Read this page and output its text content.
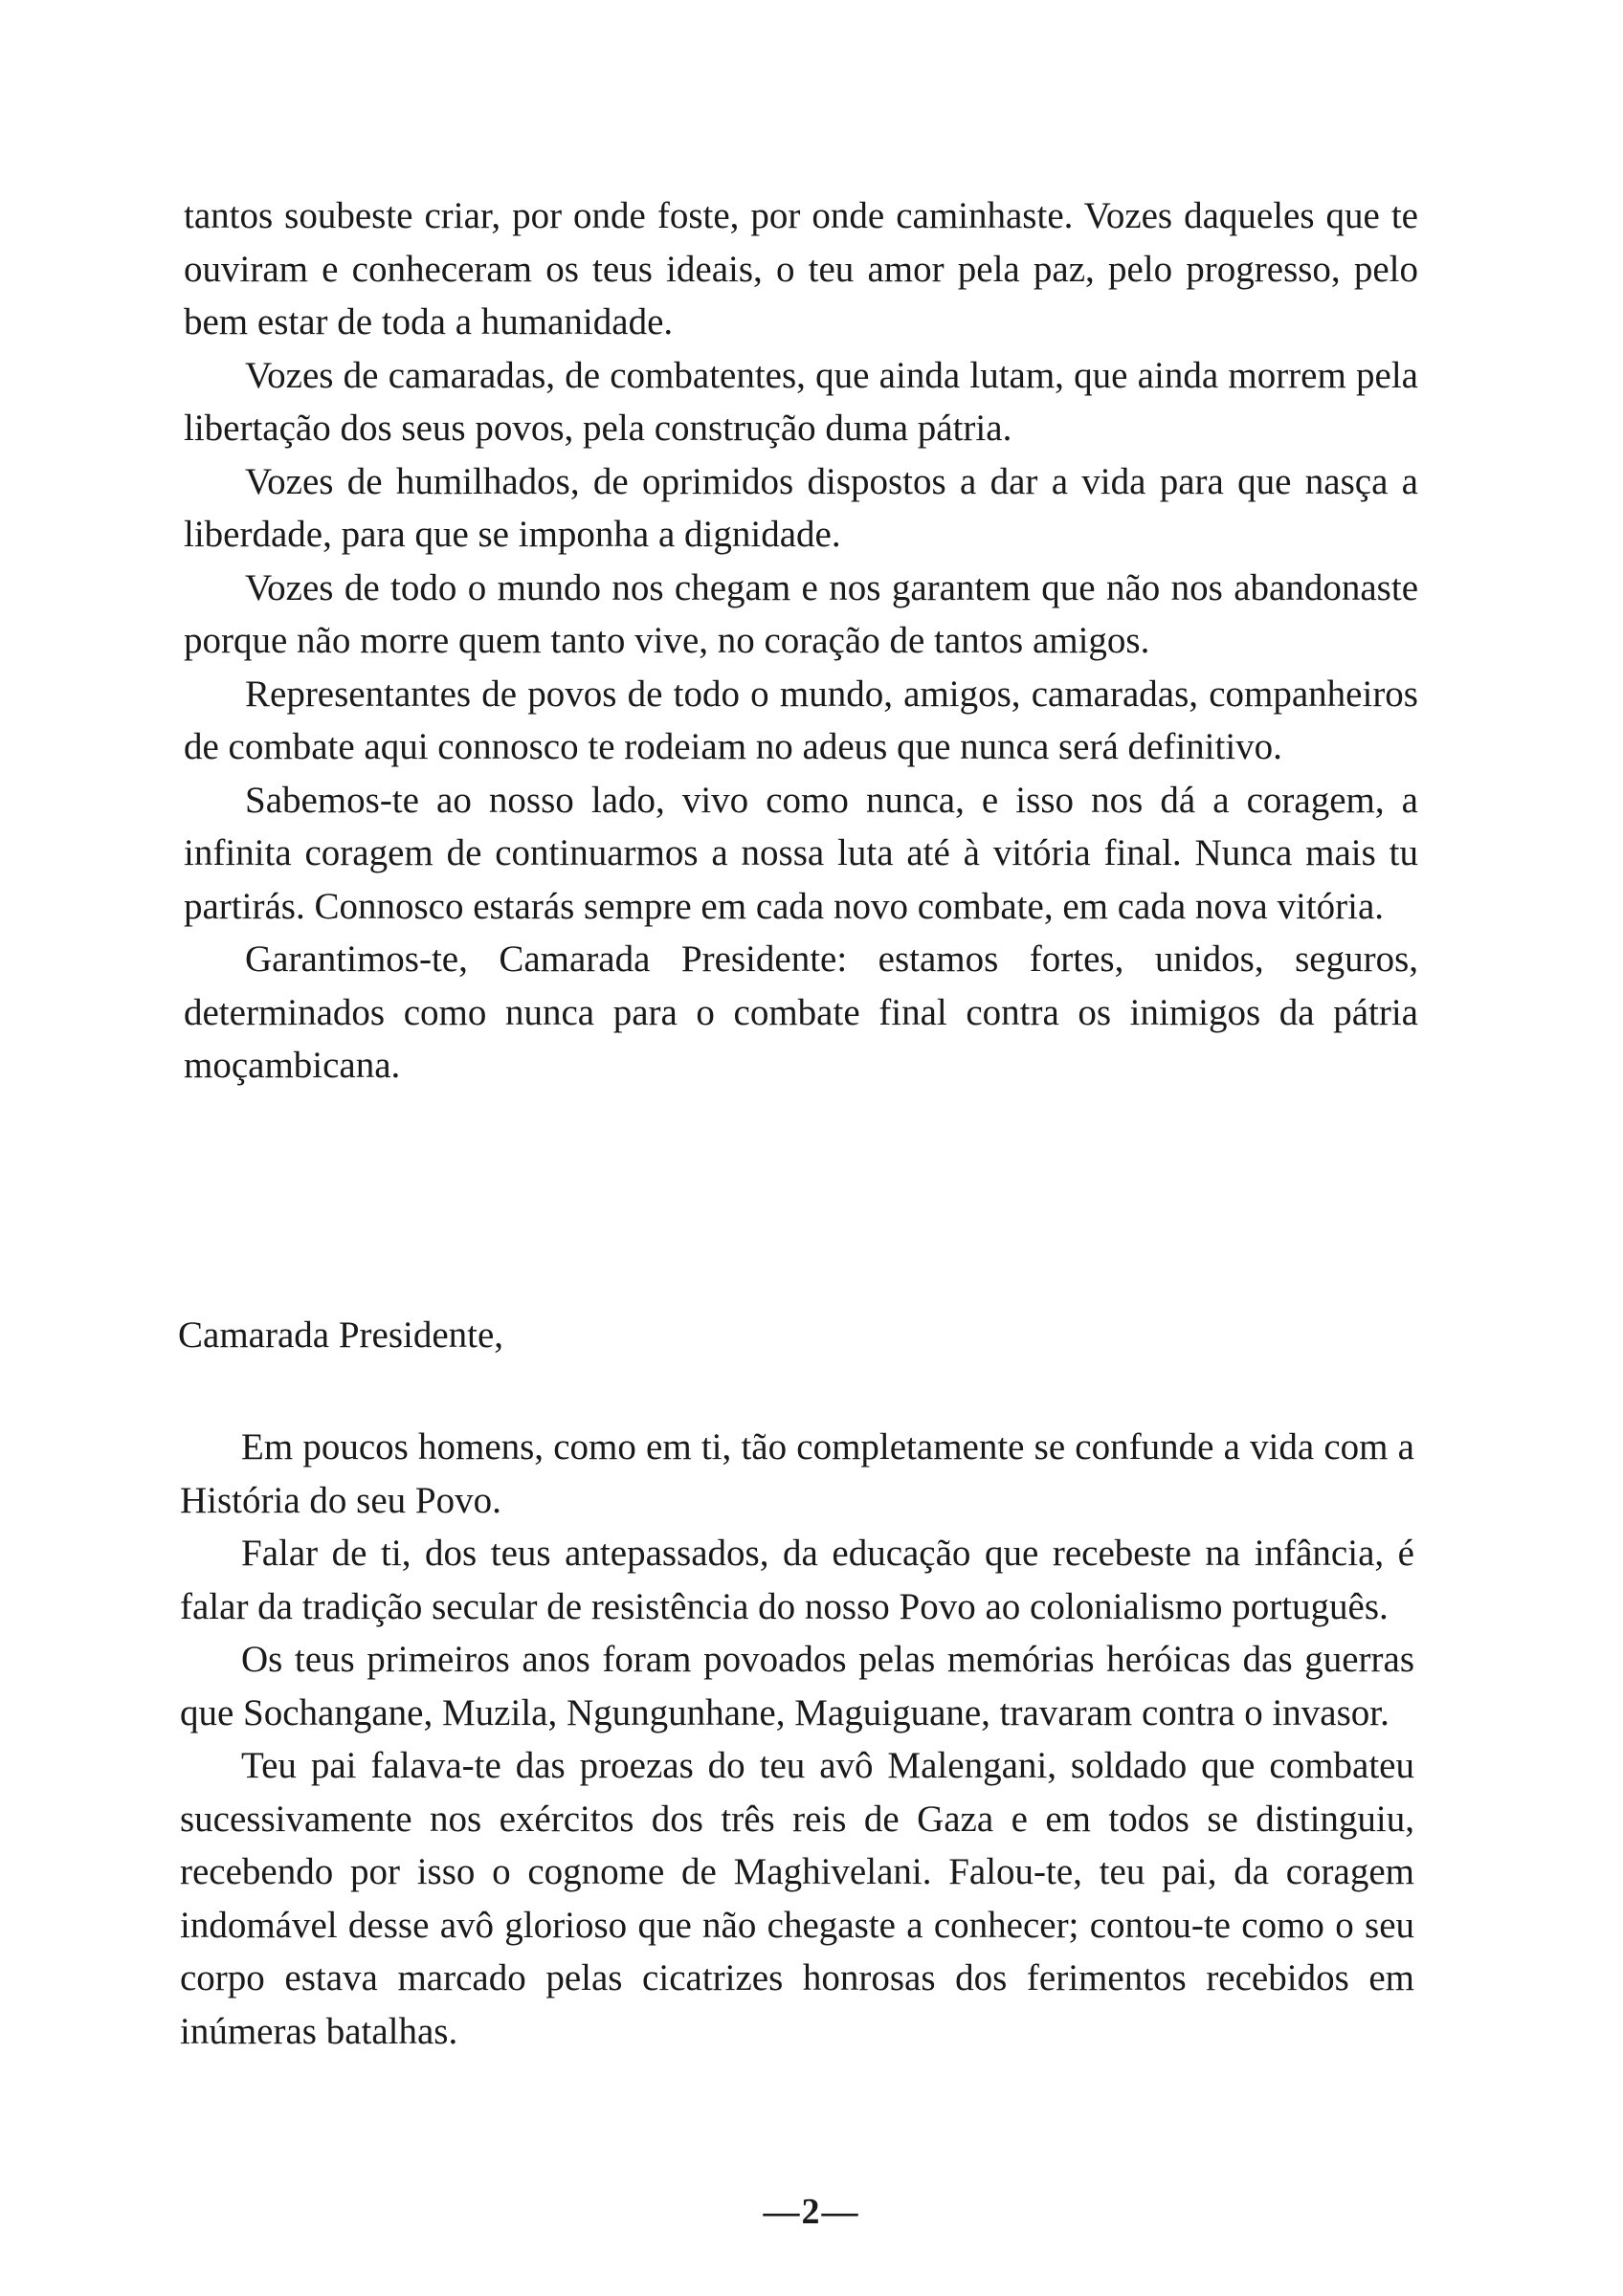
tantos soubeste criar, por onde foste, por onde caminhaste. Vozes daqueles que te ouviram e conheceram os teus ideais, o teu amor pela paz, pelo progresso, pelo bem estar de toda a humanidade.

Vozes de camaradas, de combatentes, que ainda lutam, que ainda morrem pela libertação dos seus povos, pela construção duma pátria.

Vozes de humilhados, de oprimidos dispostos a dar a vida para que nasça a liberdade, para que se imponha a dignidade.

Vozes de todo o mundo nos chegam e nos garantem que não nos abandonaste porque não morre quem tanto vive, no coração de tantos amigos.

Representantes de povos de todo o mundo, amigos, camaradas, companheiros de combate aqui connosco te rodeiam no adeus que nunca será definitivo.

Sabemos-te ao nosso lado, vivo como nunca, e isso nos dá a coragem, a infinita coragem de continuarmos a nossa luta até à vitória final. Nunca mais tu partirás. Connosco estarás sempre em cada novo combate, em cada nova vitória.

Garantimos-te, Camarada Presidente: estamos fortes, unidos, seguros, determinados como nunca para o combate final contra os inimigos da pátria moçambicana.

Camarada Presidente,

Em poucos homens, como em ti, tão completamente se confunde a vida com a História do seu Povo.

Falar de ti, dos teus antepassados, da educação que recebeste na infância, é falar da tradição secular de resistência do nosso Povo ao colonialismo português.

Os teus primeiros anos foram povoados pelas memórias heróicas das guerras que Sochangane, Muzila, Ngungunhane, Maguiguane, travaram contra o invasor.

Teu pai falava-te das proezas do teu avô Malengani, soldado que combateu sucessivamente nos exércitos dos três reis de Gaza e em todos se distinguiu, recebendo por isso o cognome de Maghivelani. Falou-te, teu pai, da coragem indomável desse avô glorioso que não chegaste a conhecer; contou-te como o seu corpo estava marcado pelas cicatrizes honrosas dos ferimentos recebidos em inúmeras batalhas.

—2—
